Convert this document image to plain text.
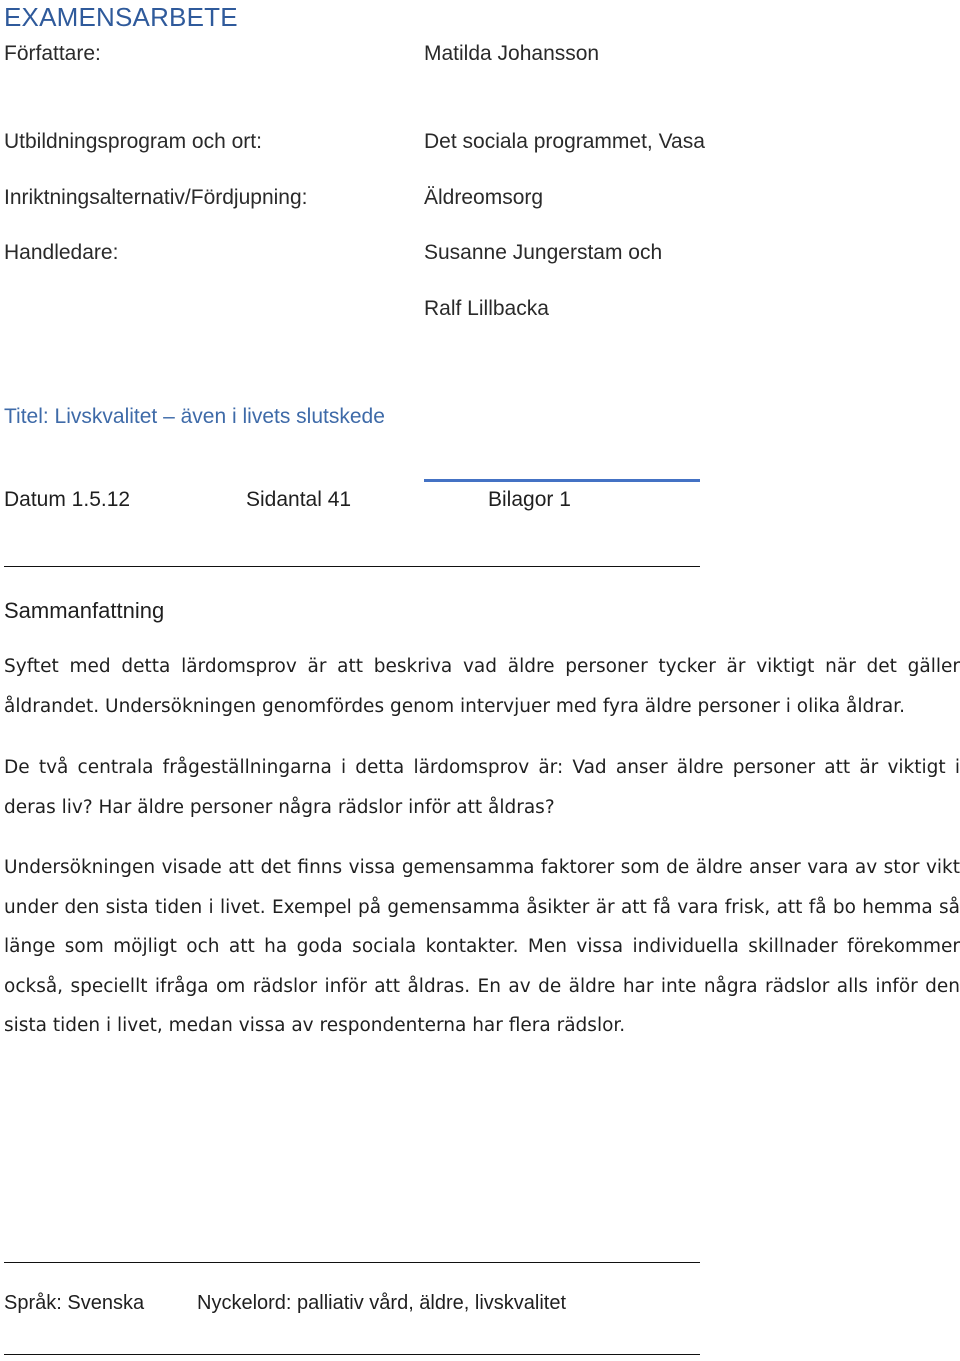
EXAMENSARBETE
Författare:	Matilda Johansson
Utbildningsprogram och ort:	Det sociala programmet, Vasa
Inriktningsalternativ/Fördjupning:	Äldreomsorg
Handledare:	Susanne Jungerstam och
Ralf Lillbacka
Titel: Livskvalitet – även i livets slutskede
Datum 1.5.12	Sidantal 41	Bilagor 1
Sammanfattning
Syftet med detta lärdomsprov är att beskriva vad äldre personer tycker är viktigt när det gäller åldrandet. Undersökningen genomfördes genom intervjuer med fyra äldre personer i olika åldrar.
De två centrala frågeställningarna i detta lärdomsprov är: Vad anser äldre personer att är viktigt i deras liv? Har äldre personer några rädslor inför att åldras?
Undersökningen visade att det finns vissa gemensamma faktorer som de äldre anser vara av stor vikt under den sista tiden i livet. Exempel på gemensamma åsikter är att få vara frisk, att få bo hemma så länge som möjligt och att ha goda sociala kontakter. Men vissa individuella skillnader förekommer också, speciellt ifråga om rädslor inför att åldras. En av de äldre har inte några rädslor alls inför den sista tiden i livet, medan vissa av respondenterna har flera rädslor.
Språk: Svenska	Nyckelord: palliativ vård, äldre, livskvalitet
